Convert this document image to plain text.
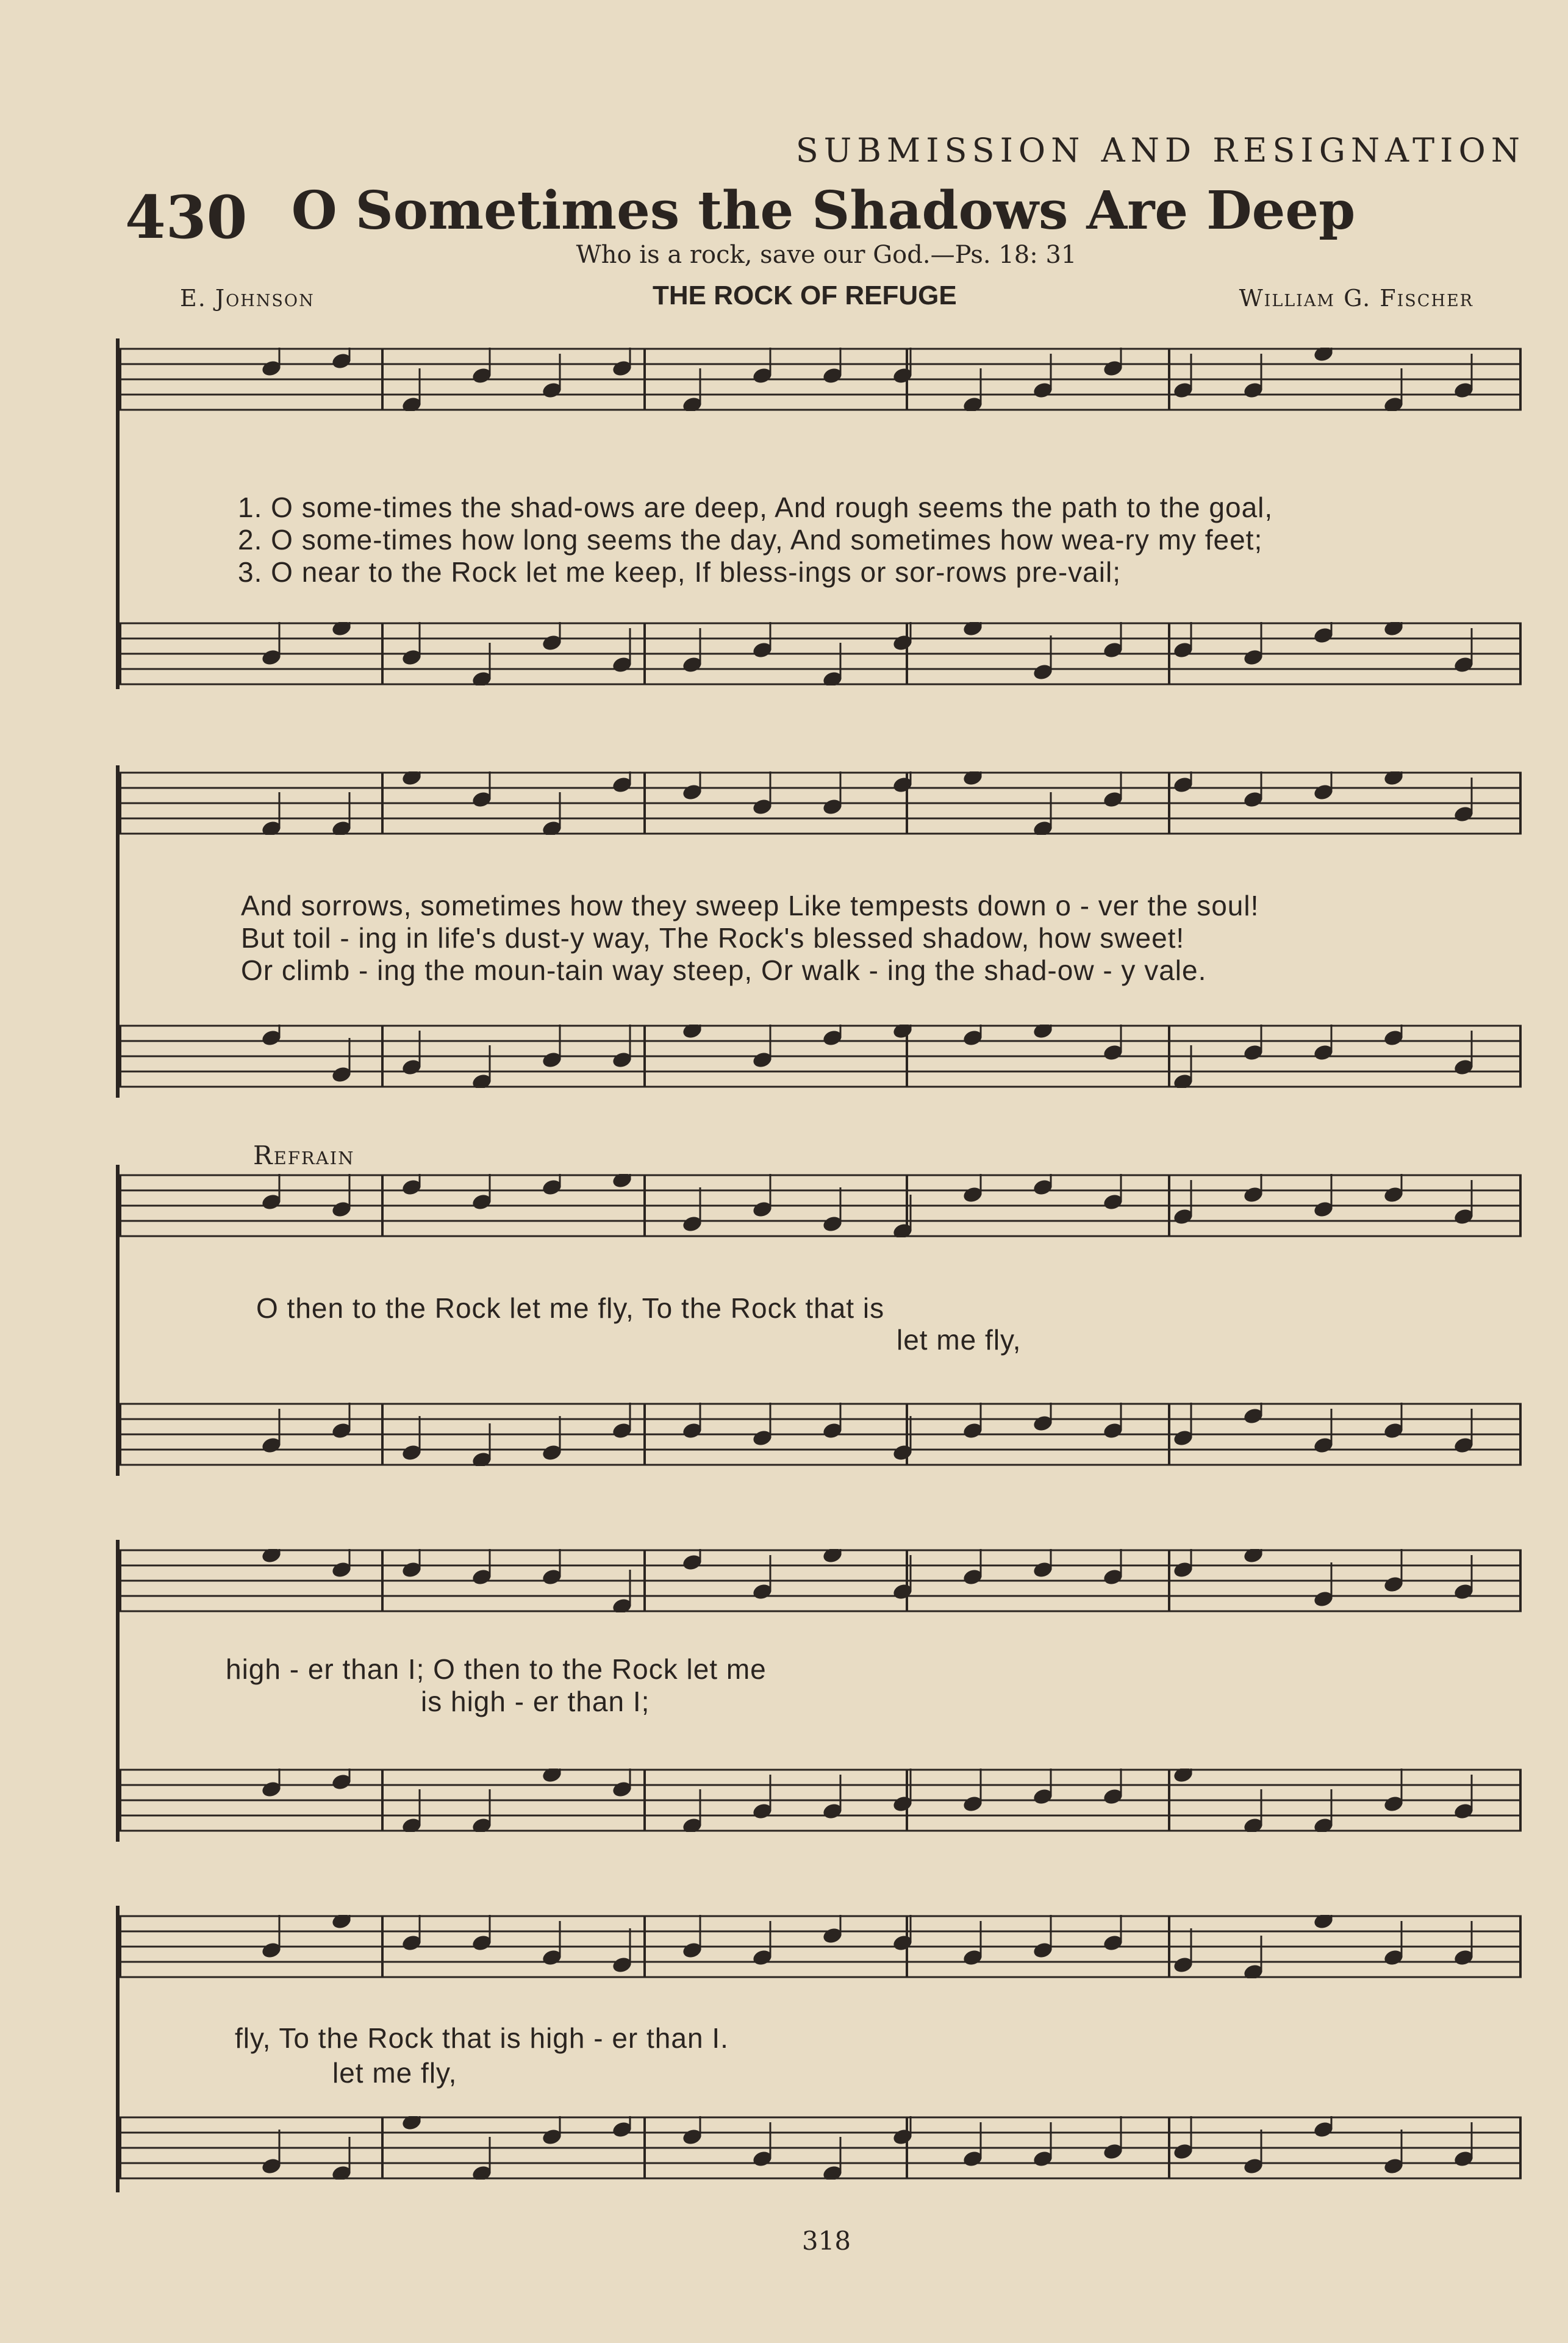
SUBMISSION AND RESIGNATION
430 O Sometimes the Shadows Are Deep
Who is a rock, save our God.—Ps. 18: 31
E. Johnson	THE ROCK OF REFUGE	William G. Fischer
1. O some-times the shad-ows are deep, And rough seems the path to the goal,
2. O some-times how long seems the day, And sometimes how wea-ry my feet;
3. O near to the Rock let me keep, If bless-ings or sor-rows pre-vail;
And sorrows, sometimes how they sweep Like tempests down o - ver the soul!
But toil - ing in life's dust-y way, The Rock's blessed shadow, how sweet!
Or climb - ing the moun-tain way steep, Or walk - ing the shad-ow - y vale.
Refrain
O then to the Rock let me fly, To the Rock that is
let me fly,
high - er than I; O then to the Rock let me
is high - er than I;
fly, To the Rock that is high - er than I.
let me fly,
318
